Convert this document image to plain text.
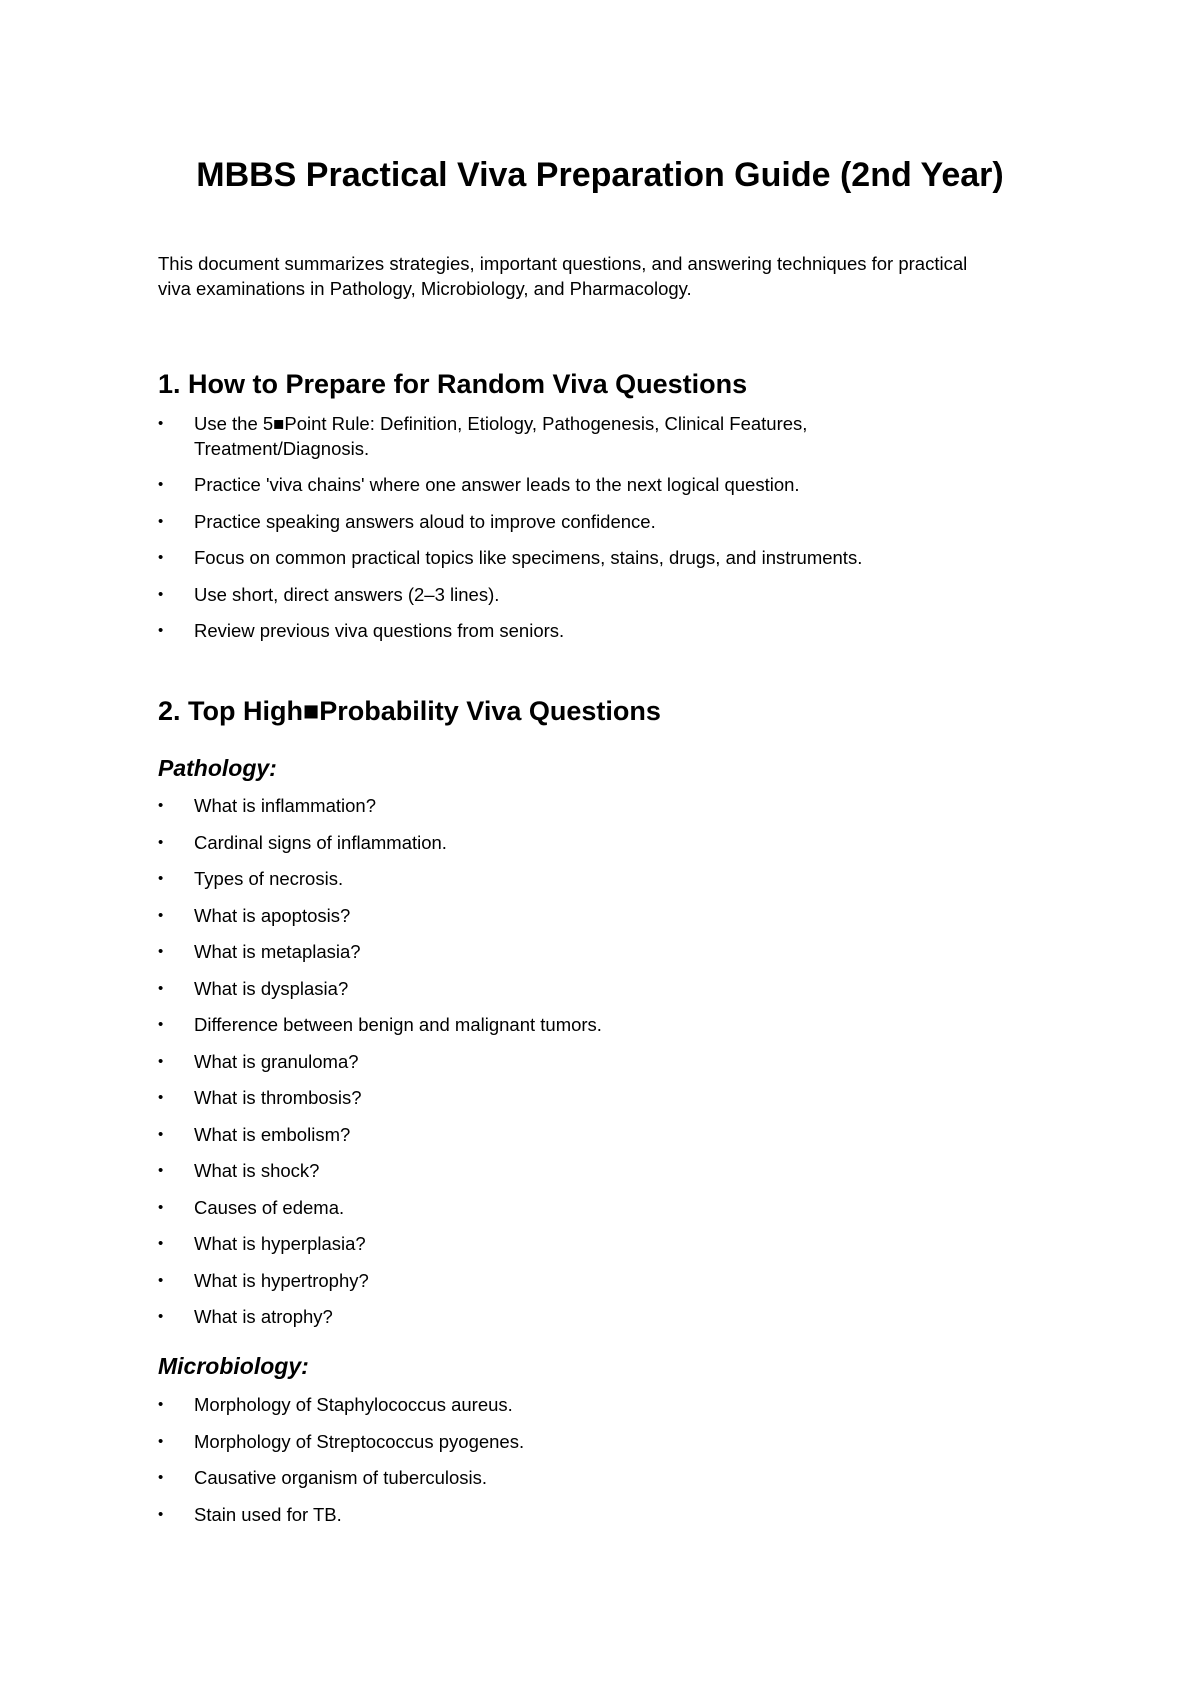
MBBS Practical Viva Preparation Guide (2nd Year)

This document summarizes strategies, important questions, and answering techniques for practical
viva examinations in Pathology, Microbiology, and Pharmacology.

1. How to Prepare for Random Viva Questions
•	Use the 5■Point Rule: Definition, Etiology, Pathogenesis, Clinical Features,
Treatment/Diagnosis.
•	Practice 'viva chains' where one answer leads to the next logical question.
•	Practice speaking answers aloud to improve confidence.
•	Focus on common practical topics like specimens, stains, drugs, and instruments.
•	Use short, direct answers (2–3 lines).
•	Review previous viva questions from seniors.
2. Top High■Probability Viva Questions
Pathology:
•	What is inflammation?
•	Cardinal signs of inflammation.
•	Types of necrosis.
•	What is apoptosis?
•	What is metaplasia?
•	What is dysplasia?
•	Difference between benign and malignant tumors.
•	What is granuloma?
•	What is thrombosis?
•	What is embolism?
•	What is shock?
•	Causes of edema.
•	What is hyperplasia?
•	What is hypertrophy?
•	What is atrophy?
Microbiology:
•	Morphology of Staphylococcus aureus.
•	Morphology of Streptococcus pyogenes.
•	Causative organism of tuberculosis.
•	Stain used for TB.
